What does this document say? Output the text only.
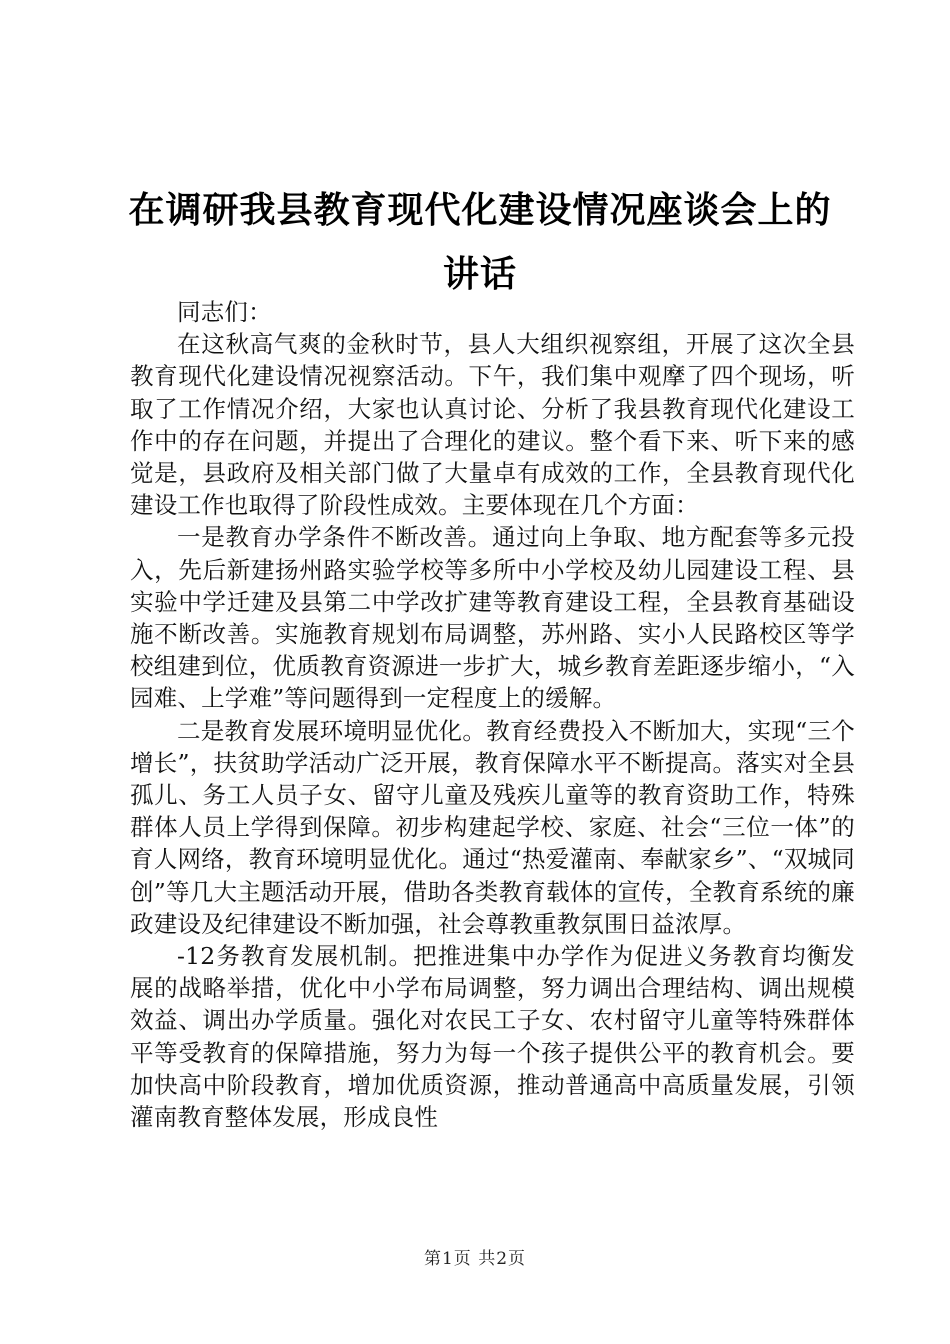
在调研我县教育现代化建设情况座谈会上的讲话

同志们：

在这秋高气爽的金秋时节，县人大组织视察组，开展了这次全县教育现代化建设情况视察活动。下午，我们集中观摩了四个现场，听取了工作情况介绍，大家也认真讨论、分析了我县教育现代化建设工作中的存在问题，并提出了合理化的建议。整个看下来、听下来的感觉是，县政府及相关部门做了大量卓有成效的工作，全县教育现代化建设工作也取得了阶段性成效。主要体现在几个方面：

一是教育办学条件不断改善。通过向上争取、地方配套等多元投入，先后新建扬州路实验学校等多所中小学校及幼儿园建设工程、县实验中学迁建及县第二中学改扩建等教育建设工程，全县教育基础设施不断改善。实施教育规划布局调整，苏州路、实小人民路校区等学校组建到位，优质教育资源进一步扩大，城乡教育差距逐步缩小，“入园难、上学难”等问题得到一定程度上的缓解。

二是教育发展环境明显优化。教育经费投入不断加大，实现“三个增长”，扶贫助学活动广泛开展，教育保障水平不断提高。落实对全县孤儿、务工人员子女、留守儿童及残疾儿童等的教育资助工作，特殊群体人员上学得到保障。初步构建起学校、家庭、社会“三位一体”的育人网络，教育环境明显优化。通过“热爱灌南、奉献家乡”、“双城同创”等几大主题活动开展，借助各类教育载体的宣传，全教育系统的廉政建设及纪律建设不断加强，社会尊教重教氛围日益浓厚。

-12务教育发展机制。把推进集中办学作为促进义务教育均衡发展的战略举措，优化中小学布局调整，努力调出合理结构、调出规模效益、调出办学质量。强化对农民工子女、农村留守儿童等特殊群体平等受教育的保障措施，努力为每一个孩子提供公平的教育机会。要加快高中阶段教育，增加优质资源，推动普通高中高质量发展，引领灌南教育整体发展，形成良性

第1页 共2页
